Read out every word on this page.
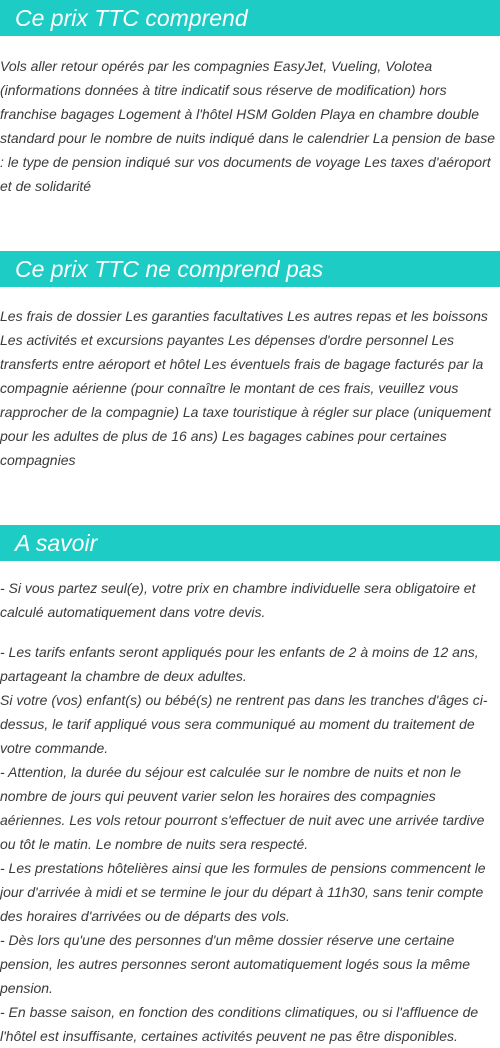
Ce prix TTC comprend

Vols aller retour opérés par les compagnies EasyJet, Vueling, Volotea (informations données à titre indicatif sous réserve de modification) hors franchise bagages Logement à l'hôtel HSM Golden Playa en chambre double standard pour le nombre de nuits indiqué dans le calendrier La pension de base : le type de pension indiqué sur vos documents de voyage Les taxes d'aéroport et de solidarité

Ce prix TTC ne comprend pas

Les frais de dossier Les garanties facultatives Les autres repas et les boissons Les activités et excursions payantes Les dépenses d'ordre personnel Les transferts entre aéroport et hôtel Les éventuels frais de bagage facturés par la compagnie aérienne (pour connaître le montant de ces frais, veuillez vous rapprocher de la compagnie) La taxe touristique à régler sur place (uniquement pour les adultes de plus de 16 ans) Les bagages cabines pour certaines compagnies

A savoir

- Si vous partez seul(e), votre prix en chambre individuelle sera obligatoire et calculé automatiquement dans votre devis.

- Les tarifs enfants seront appliqués pour les enfants de 2 à moins de 12 ans, partageant la chambre de deux adultes.

Si votre (vos) enfant(s) ou bébé(s) ne rentrent pas dans les tranches d'âges ci-dessus, le tarif appliqué vous sera communiqué au moment du traitement de votre commande.

- Attention, la durée du séjour est calculée sur le nombre de nuits et non le nombre de jours qui peuvent varier selon les horaires des compagnies aériennes. Les vols retour pourront s'effectuer de nuit avec une arrivée tardive ou tôt le matin. Le nombre de nuits sera respecté.

- Les prestations hôtelières ainsi que les formules de pensions commencent le jour d'arrivée à midi et se termine le jour du départ à 11h30, sans tenir compte des horaires d'arrivées ou de départs des vols.

- Dès lors qu'une des personnes d'un même dossier réserve une certaine pension, les autres personnes seront automatiquement logés sous la même pension.

- En basse saison, en fonction des conditions climatiques, ou si l'affluence de l'hôtel est insuffisante, certaines activités peuvent ne pas être disponibles.
